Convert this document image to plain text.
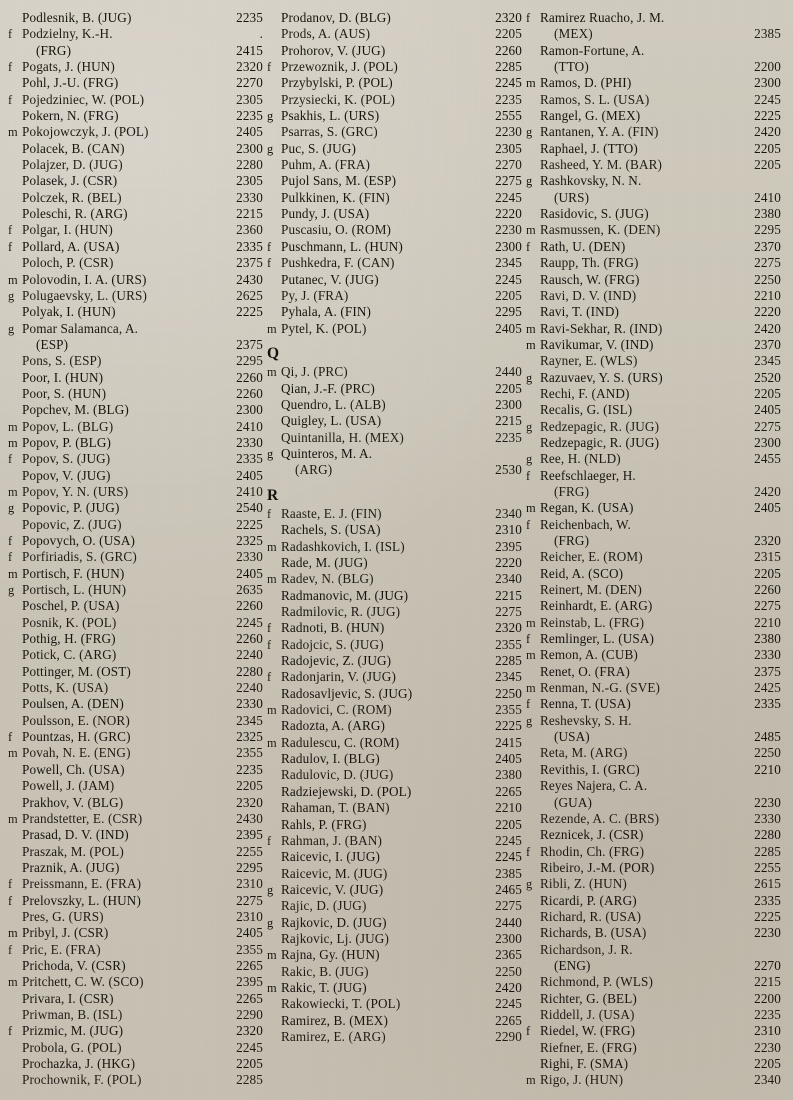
Podlesnik, B. (JUG)	2235
f Podzielny, K.-H.	.
(FRG)	2415
f Pogats, J. (HUN)	2320
Pohl, J.-U. (FRG)	2270
f Pojedziniec, W. (POL)	2305
Pokern, N. (FRG)	2235
m Pokojowczyk, J. (POL)	2405
Polacek, B. (CAN)	2300
Polajzer, D. (JUG)	2280
Polasek, J. (CSR)	2305
Polczek, R. (BEL)	2330
Poleschi, R. (ARG)	2215
f Polgar, I. (HUN)	2360
f Pollard, A. (USA)	2335
Poloch, P. (CSR)	2375
m Polovodin, I. A. (URS)	2430
g Polugaevsky, L. (URS)	2625
Polyak, I. (HUN)	2225
g Pomar Salamanca, A.
(ESP)	2375
Pons, S. (ESP)	2295
Poor, I. (HUN)	2260
Poor, S. (HUN)	2260
Popchev, M. (BLG)	2300
m Popov, L. (BLG)	2410
m Popov, P. (BLG)	2330
f Popov, S. (JUG)	2335
Popov, V. (JUG)	2405
m Popov, Y. N. (URS)	2410
g Popovic, P. (JUG)	2540
Popovic, Z. (JUG)	2225
f Popovych, O. (USA)	2325
f Porfiriadis, S. (GRC)	2330
m Portisch, F. (HUN)	2405
g Portisch, L. (HUN)	2635
Poschel, P. (USA)	2260
Posnik, K. (POL)	2245
Pothig, H. (FRG)	2260
Potick, C. (ARG)	2240
Pottinger, M. (OST)	2280
Potts, K. (USA)	2240
Poulsen, A. (DEN)	2330
Poulsson, E. (NOR)	2345
f Pountzas, H. (GRC)	2325
m Povah, N. E. (ENG)	2355
Powell, Ch. (USA)	2235
Powell, J. (JAM)	2205
Prakhov, V. (BLG)	2320
m Prandstetter, E. (CSR)	2430
Prasad, D. V. (IND)	2395
Praszak, M. (POL)	2255
Praznik, A. (JUG)	2295
f Preissmann, E. (FRA)	2310
f Prelovszky, L. (HUN)	2275
Pres, G. (URS)	2310
m Pribyl, J. (CSR)	2405
f Pric, E. (FRA)	2355
Prichoda, V. (CSR)	2265
m Pritchett, C. W. (SCO)	2395
Privara, I. (CSR)	2265
Priwman, B. (ISL)	2290
f Prizmic, M. (JUG)	2320
Probola, G. (POL)	2245
Prochazka, J. (HKG)	2205
Prochownik, F. (POL)	2285
Prodanov, D. (BLG)	2320
Prods, A. (AUS)	2205
Prohorov, V. (JUG)	2260
f Przewoznik, J. (POL)	2285
Przybylski, P. (POL)	2245
Przysiecki, K. (POL)	2235
g Psakhis, L. (URS)	2555
Psarras, S. (GRC)	2230
g Puc, S. (JUG)	2305
Puhm, A. (FRA)	2270
Pujol Sans, M. (ESP)	2275
Pulkkinen, K. (FIN)	2245
Pundy, J. (USA)	2220
Puscasiu, O. (ROM)	2230
f Puschmann, L. (HUN)	2300
f Pushkedra, F. (CAN)	2345
Putanec, V. (JUG)	2245
Py, J. (FRA)	2205
Pyhala, A. (FIN)	2295
m Pytel, K. (POL)	2405
Q
m Qi, J. (PRC)	2440
Qian, J.-F. (PRC)	2205
Quendro, L. (ALB)	2300
Quigley, L. (USA)	2215
Quintanilla, H. (MEX)	2235
g Quinteros, M. A.
(ARG)	2530
R
f Raaste, E. J. (FIN)	2340
Rachels, S. (USA)	2310
m Radashkovich, I. (ISL)	2395
Rade, M. (JUG)	2220
m Radev, N. (BLG)	2340
Radmanovic, M. (JUG)	2215
Radmilovic, R. (JUG)	2275
f Radnoti, B. (HUN)	2320
f Radojcic, S. (JUG)	2355
Radojevic, Z. (JUG)	2285
f Radonjarin, V. (JUG)	2345
Radosavljevic, S. (JUG)	2250
m Radovici, C. (ROM)	2355
Radozta, A. (ARG)	2225
m Radulescu, C. (ROM)	2415
Radulov, I. (BLG)	2405
Radulovic, D. (JUG)	2380
Radziejewski, D. (POL)	2265
Rahaman, T. (BAN)	2210
Rahls, P. (FRG)	2205
f Rahman, J. (BAN)	2245
Raicevic, I. (JUG)	2245
Raicevic, M. (JUG)	2385
g Raicevic, V. (JUG)	2465
Rajic, D. (JUG)	2275
g Rajkovic, D. (JUG)	2440
Rajkovic, Lj. (JUG)	2300
m Rajna, Gy. (HUN)	2365
Rakic, B. (JUG)	2250
m Rakic, T. (JUG)	2420
Rakowiecki, T. (POL)	2245
Ramirez, B. (MEX)	2265
Ramirez, E. (ARG)	2290
f Ramirez Ruacho, J. M.
(MEX)	2385
Ramon-Fortune, A.
(TTO)	2200
m Ramos, D. (PHI)	2300
Ramos, S. L. (USA)	2245
Rangel, G. (MEX)	2225
g Rantanen, Y. A. (FIN)	2420
Raphael, J. (TTO)	2205
Rasheed, Y. M. (BAR)	2205
g Rashkovsky, N. N.
(URS)	2410
Rasidovic, S. (JUG)	2380
m Rasmussen, K. (DEN)	2295
f Rath, U. (DEN)	2370
Raupp, Th. (FRG)	2275
Rausch, W. (FRG)	2250
Ravi, D. V. (IND)	2210
Ravi, T. (IND)	2220
m Ravi-Sekhar, R. (IND)	2420
m Ravikumar, V. (IND)	2370
Rayner, E. (WLS)	2345
g Razuvaev, Y. S. (URS)	2520
Rechi, F. (AND)	2205
Recalis, G. (ISL)	2405
g Redzepagic, R. (JUG)	2275
Redzepagic, R. (JUG)	2300
g Ree, H. (NLD)	2455
f Reefschlaeger, H.
(FRG)	2420
m Regan, K. (USA)	2405
f Reichenbach, W.
(FRG)	2320
Reicher, E. (ROM)	2315
Reid, A. (SCO)	2205
Reinert, M. (DEN)	2260
Reinhardt, E. (ARG)	2275
m Reinstab, L. (FRG)	2210
f Remlinger, L. (USA)	2380
m Remon, A. (CUB)	2330
Renet, O. (FRA)	2375
m Renman, N.-G. (SVE)	2425
f Renna, T. (USA)	2335
g Reshevsky, S. H.
(USA)	2485
Reta, M. (ARG)	2250
Revithis, I. (GRC)	2210
Reyes Najera, C. A.
(GUA)	2230
Rezende, A. C. (BRS)	2330
Reznicek, J. (CSR)	2280
f Rhodin, Ch. (FRG)	2285
Ribeiro, J.-M. (POR)	2255
g Ribli, Z. (HUN)	2615
Ricardi, P. (ARG)	2335
Richard, R. (USA)	2225
Richards, B. (USA)	2230
Richardson, J. R.
(ENG)	2270
Richmond, P. (WLS)	2215
Richter, G. (BEL)	2200
Riddell, J. (USA)	2235
f Riedel, W. (FRG)	2310
Riefner, E. (FRG)	2230
Righi, F. (SMA)	2205
m Rigo, J. (HUN)	2340
